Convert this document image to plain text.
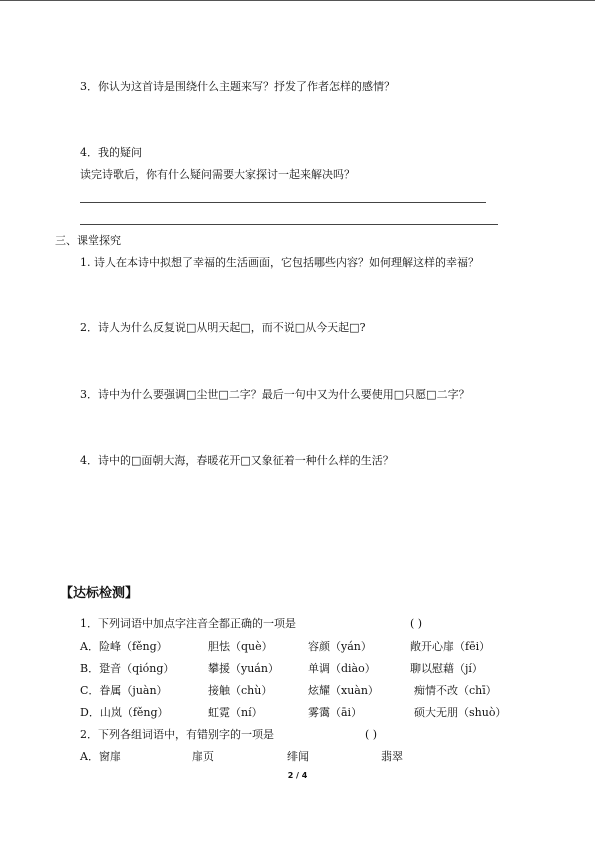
3．你认为这首诗是围绕什么主题来写？抒发了作者怎样的感情？
4．我的疑问
读完诗歌后，你有什么疑问需要大家探讨一起来解决吗？
三、课堂探究
1. 诗人在本诗中拟想了幸福的生活画面，它包括哪些内容？如何理解这样的幸福？
2．诗人为什么反复说□从明天起□，而不说□从今天起□?
3．诗中为什么要强调□尘世□二字？最后一句中又为什么要使用□只愿□二字？
4．诗中的□面朝大海，春暖花开□又象征着一种什么样的生活？
【达标检测】
1．下列词语中加点字注音全都正确的一项是	( )
A．险峰（fěng）	胆怯（què）	容颜（yán）	敞开心扉（fēi）
B．跫音（qióng）	攀援（yuán）	单调（diào）	聊以慰藉（jí）
C．眷属（juàn）	接触（chù）	炫耀（xuàn）	痴情不改（chī）
D．山岚（fěng）	虹霓（ní）	雾霭（āi）	硕大无朋（shuò）
2．下列各组词语中，有错别字的一项是	( )
A．窗扉	扉页	绯闻	翡翠
2 / 4
